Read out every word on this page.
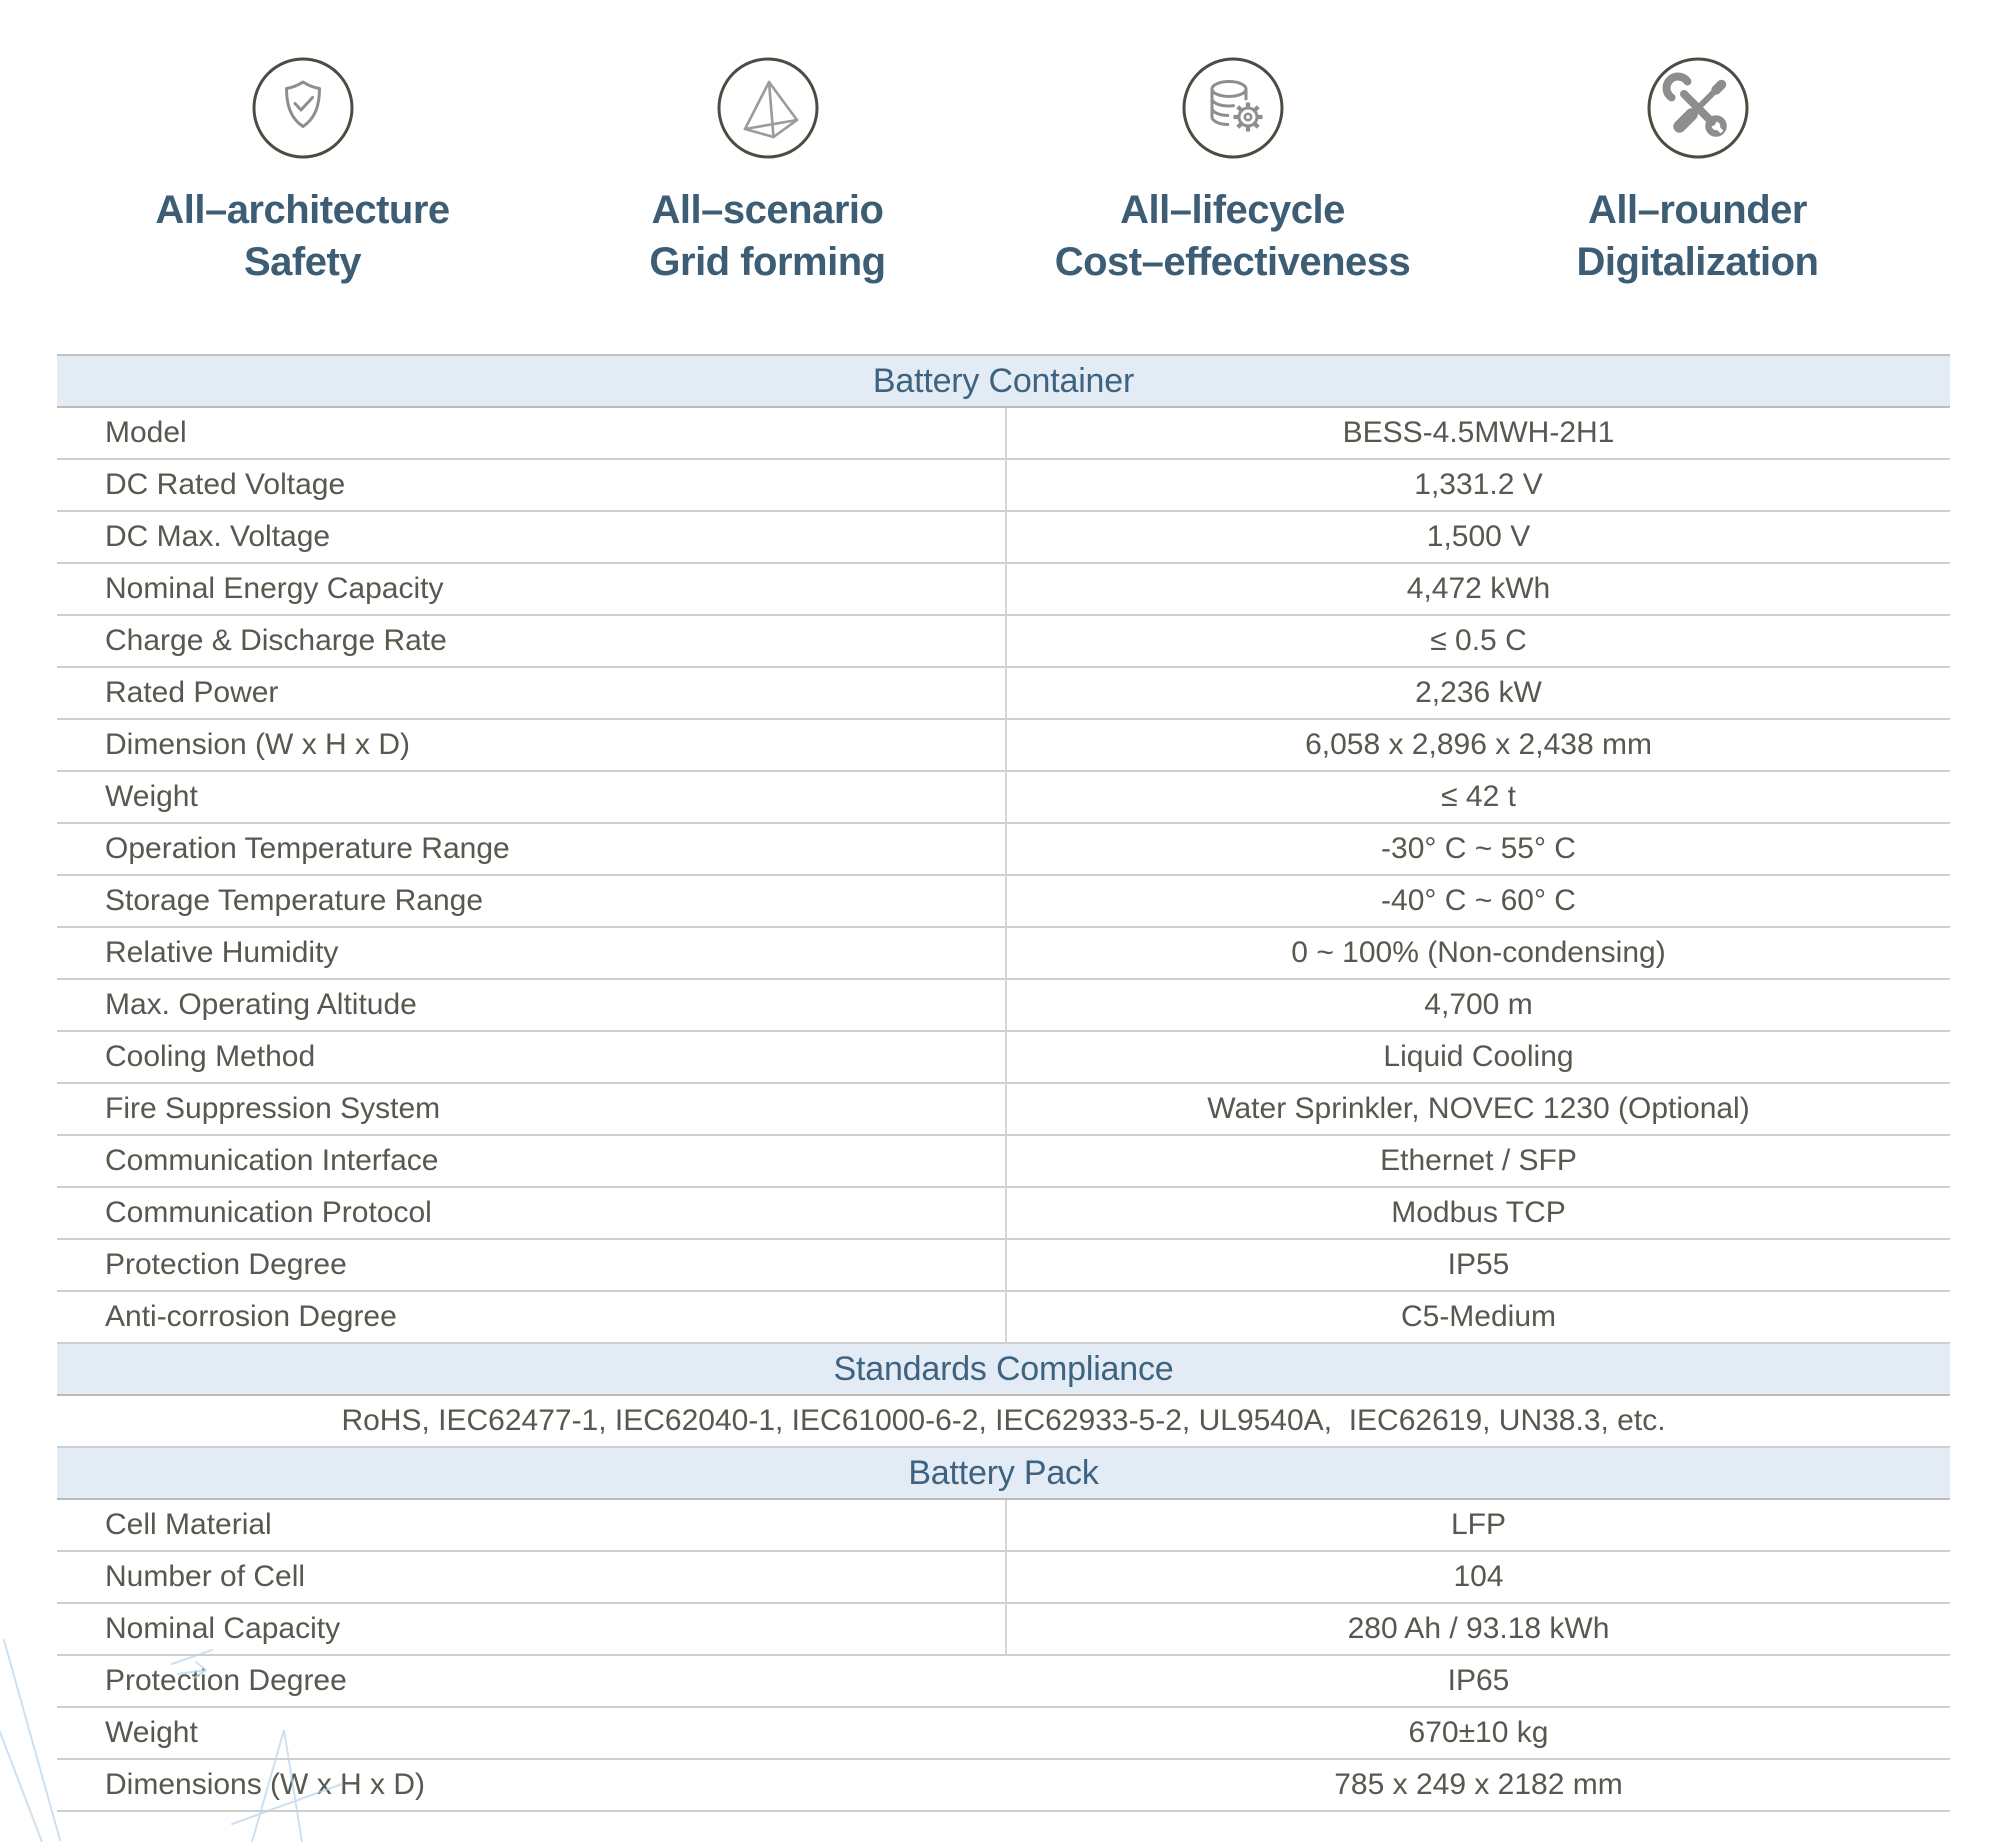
All–architecture
Safety
All–scenario
Grid forming
All–lifecycle
Cost–effectiveness
All–rounder
Digitalization
Battery Container
Model	BESS-4.5MWH-2H1
DC Rated Voltage	1,331.2 V
DC Max. Voltage	1,500 V
Nominal Energy Capacity	4,472 kWh
Charge & Discharge Rate	≤ 0.5 C
Rated Power	2,236 kW
Dimension (W x H x D)	6,058 x 2,896 x 2,438 mm
Weight	≤ 42 t
Operation Temperature Range	-30° C ~ 55° C
Storage Temperature Range	-40° C ~ 60° C
Relative Humidity	0 ~ 100% (Non-condensing)
Max. Operating Altitude	4,700 m
Cooling Method	Liquid Cooling
Fire Suppression System	Water Sprinkler, NOVEC 1230 (Optional)
Communication Interface	Ethernet / SFP
Communication Protocol	Modbus TCP
Protection Degree	IP55
Anti-corrosion Degree	C5-Medium
Standards Compliance
RoHS, IEC62477-1, IEC62040-1, IEC61000-6-2, IEC62933-5-2, UL9540A,  IEC62619, UN38.3, etc.
Battery Pack
Cell Material	LFP
Number of Cell	104
Nominal Capacity	280 Ah / 93.18 kWh
Protection Degree	IP65
Weight	670±10 kg
Dimensions (W x H x D)	785 x 249 x 2182 mm
